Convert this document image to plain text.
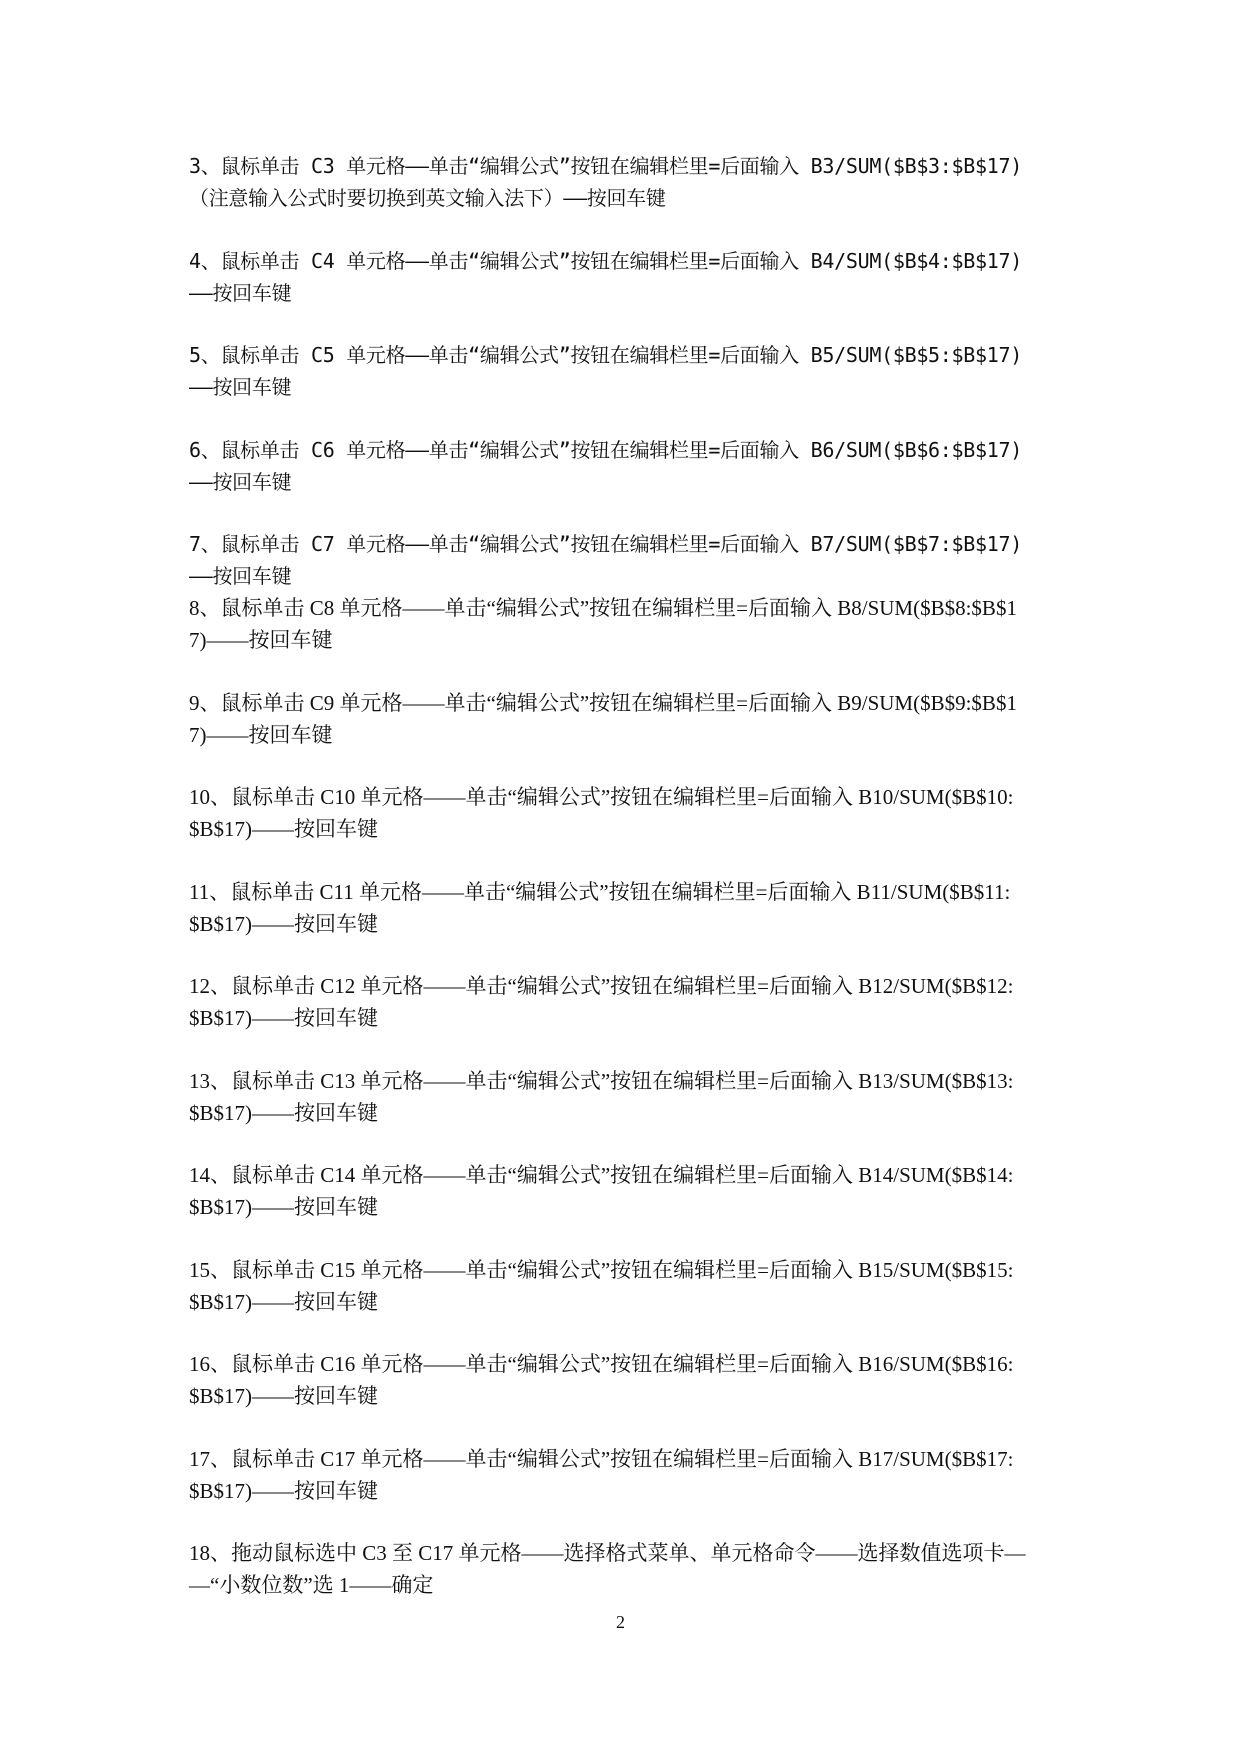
3、鼠标单击 C3 单元格——单击“编辑公式”按钮在编辑栏里=后面输入 B3/SUM($B$3:$B$17)
（注意输入公式时要切换到英文输入法下）——按回车键

4、鼠标单击 C4 单元格——单击“编辑公式”按钮在编辑栏里=后面输入 B4/SUM($B$4:$B$17)
——按回车键

5、鼠标单击 C5 单元格——单击“编辑公式”按钮在编辑栏里=后面输入 B5/SUM($B$5:$B$17)
——按回车键

6、鼠标单击 C6 单元格——单击“编辑公式”按钮在编辑栏里=后面输入 B6/SUM($B$6:$B$17)
——按回车键

7、鼠标单击 C7 单元格——单击“编辑公式”按钮在编辑栏里=后面输入 B7/SUM($B$7:$B$17)
——按回车键

8、鼠标单击 C8 单元格——单击“编辑公式”按钮在编辑栏里=后面输入 B8/SUM($B$8:$B$1
7)——按回车键

9、鼠标单击 C9 单元格——单击“编辑公式”按钮在编辑栏里=后面输入 B9/SUM($B$9:$B$1
7)——按回车键

10、鼠标单击 C10 单元格——单击“编辑公式”按钮在编辑栏里=后面输入 B10/SUM($B$10:
$B$17)——按回车键

11、鼠标单击 C11 单元格——单击“编辑公式”按钮在编辑栏里=后面输入 B11/SUM($B$11:
$B$17)——按回车键

12、鼠标单击 C12 单元格——单击“编辑公式”按钮在编辑栏里=后面输入 B12/SUM($B$12:
$B$17)——按回车键

13、鼠标单击 C13 单元格——单击“编辑公式”按钮在编辑栏里=后面输入 B13/SUM($B$13:
$B$17)——按回车键

14、鼠标单击 C14 单元格——单击“编辑公式”按钮在编辑栏里=后面输入 B14/SUM($B$14:
$B$17)——按回车键

15、鼠标单击 C15 单元格——单击“编辑公式”按钮在编辑栏里=后面输入 B15/SUM($B$15:
$B$17)——按回车键

16、鼠标单击 C16 单元格——单击“编辑公式”按钮在编辑栏里=后面输入 B16/SUM($B$16:
$B$17)——按回车键

17、鼠标单击 C17 单元格——单击“编辑公式”按钮在编辑栏里=后面输入 B17/SUM($B$17:
$B$17)——按回车键

18、拖动鼠标选中 C3 至 C17 单元格——选择格式菜单、单元格命令——选择数值选项卡—
—“小数位数”选 1——确定

2
